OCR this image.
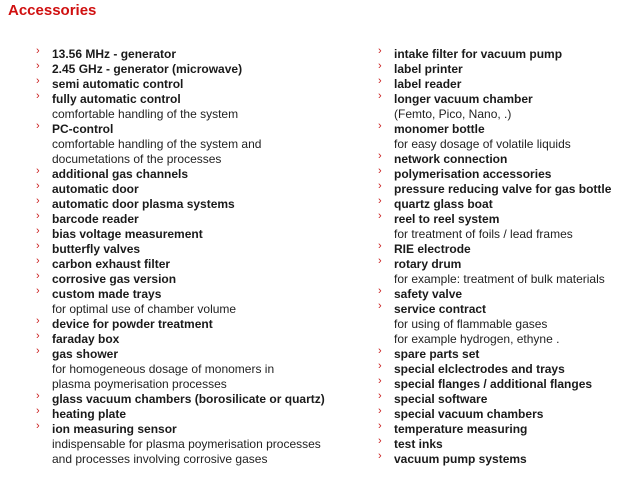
Accessories
› 13.56 MHz - generator
› 2.45 GHz - generator (microwave)
› semi automatic control
› fully automatic control
comfortable handling of the system
› PC-control
comfortable handling of the system and
documetations of the processes
› additional gas channels
› automatic door
› automatic door plasma systems
› barcode reader
› bias voltage measurement
› butterfly valves
› carbon exhaust filter
› corrosive gas version
› custom made trays
for optimal use of chamber volume
› device for powder treatment
› faraday box
› gas shower
for homogeneous dosage of monomers in
plasma poymerisation processes
› glass vacuum chambers (borosilicate or quartz)
› heating plate
› ion measuring sensor
indispensable for plasma poymerisation processes
and processes involving corrosive gases
› intake filter for vacuum pump
› label printer
› label reader
› longer vacuum chamber
(Femto, Pico, Nano, .)
› monomer bottle
for easy dosage of volatile liquids
› network connection
› polymerisation accessories
› pressure reducing valve for gas bottle
› quartz glass boat
› reel to reel system
for treatment of foils / lead frames
› RIE electrode
› rotary drum
for example: treatment of bulk materials
› safety valve
› service contract
for using of flammable gases
for example hydrogen, ethyne .
› spare parts set
› special elclectrodes and trays
› special flanges / additional flanges
› special software
› special vacuum chambers
› temperature measuring
› test inks
› vacuum pump systems
